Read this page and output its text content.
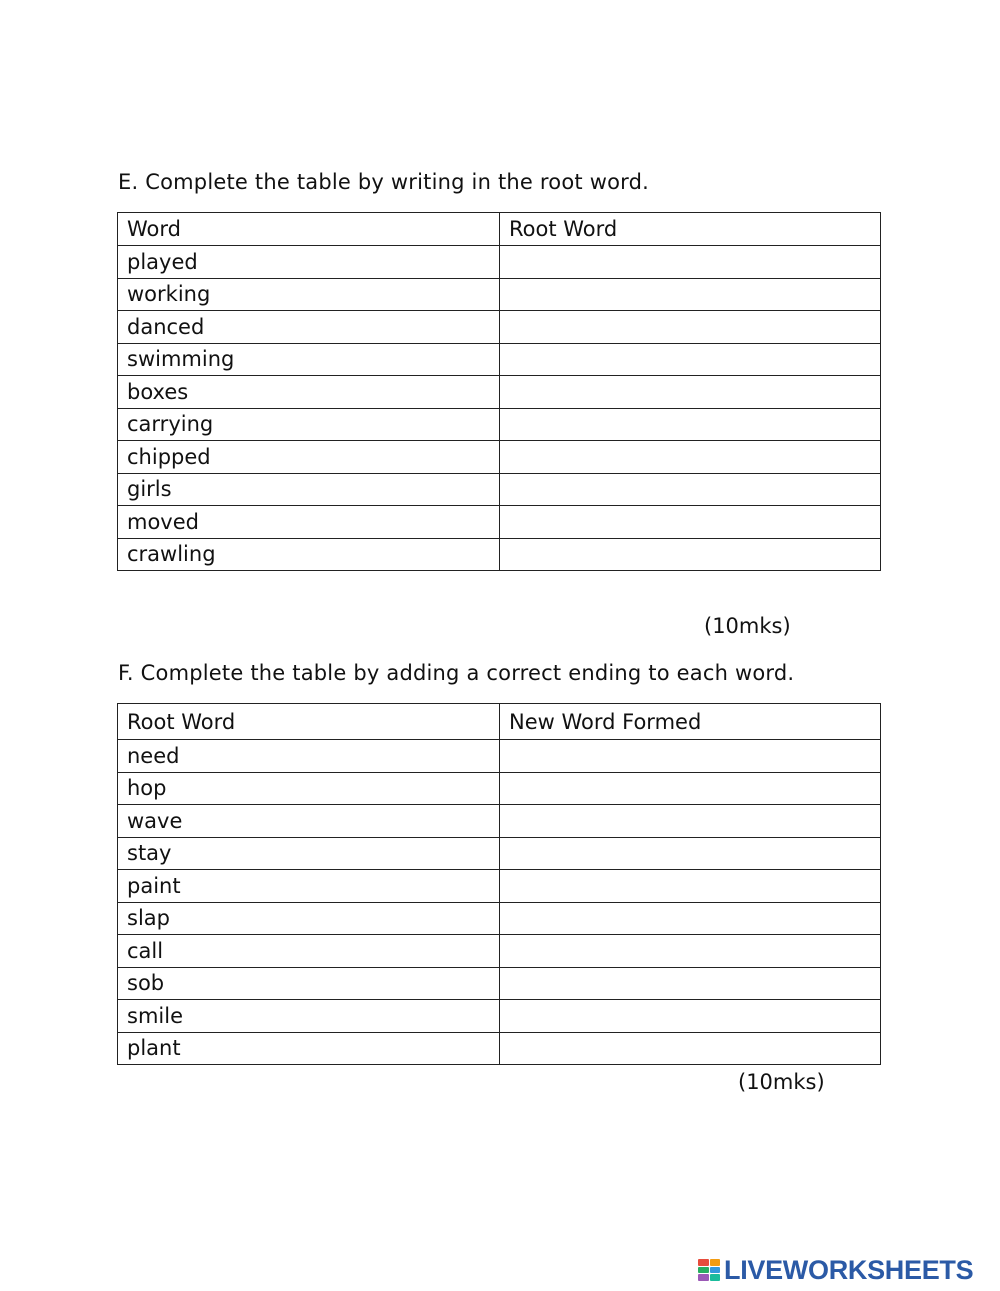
E. Complete the table by writing in the root word.
Word	Root Word
played	
working	
danced	
swimming	
boxes	
carrying	
chipped	
girls	
moved	
crawling	
(10mks)
F. Complete the table by adding a correct ending to each word.
Root Word	New Word Formed
need	
hop	
wave	
stay	
paint	
slap	
call	
sob	
smile	
plant	
(10mks)
LIVEWORKSHEETS
